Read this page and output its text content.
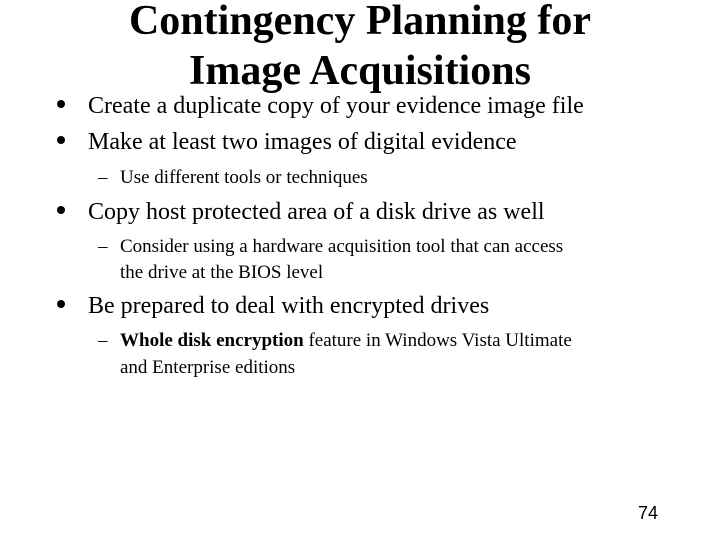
Contingency Planning for
Image Acquisitions
Create a duplicate copy of your evidence image file
Make at least two images of digital evidence
– Use different tools or techniques
Copy host protected area of a disk drive as well
– Consider using a hardware acquisition tool that can access
the drive at the BIOS level
Be prepared to deal with encrypted drives
– Whole disk encryption feature in Windows Vista Ultimate
and Enterprise editions
74
